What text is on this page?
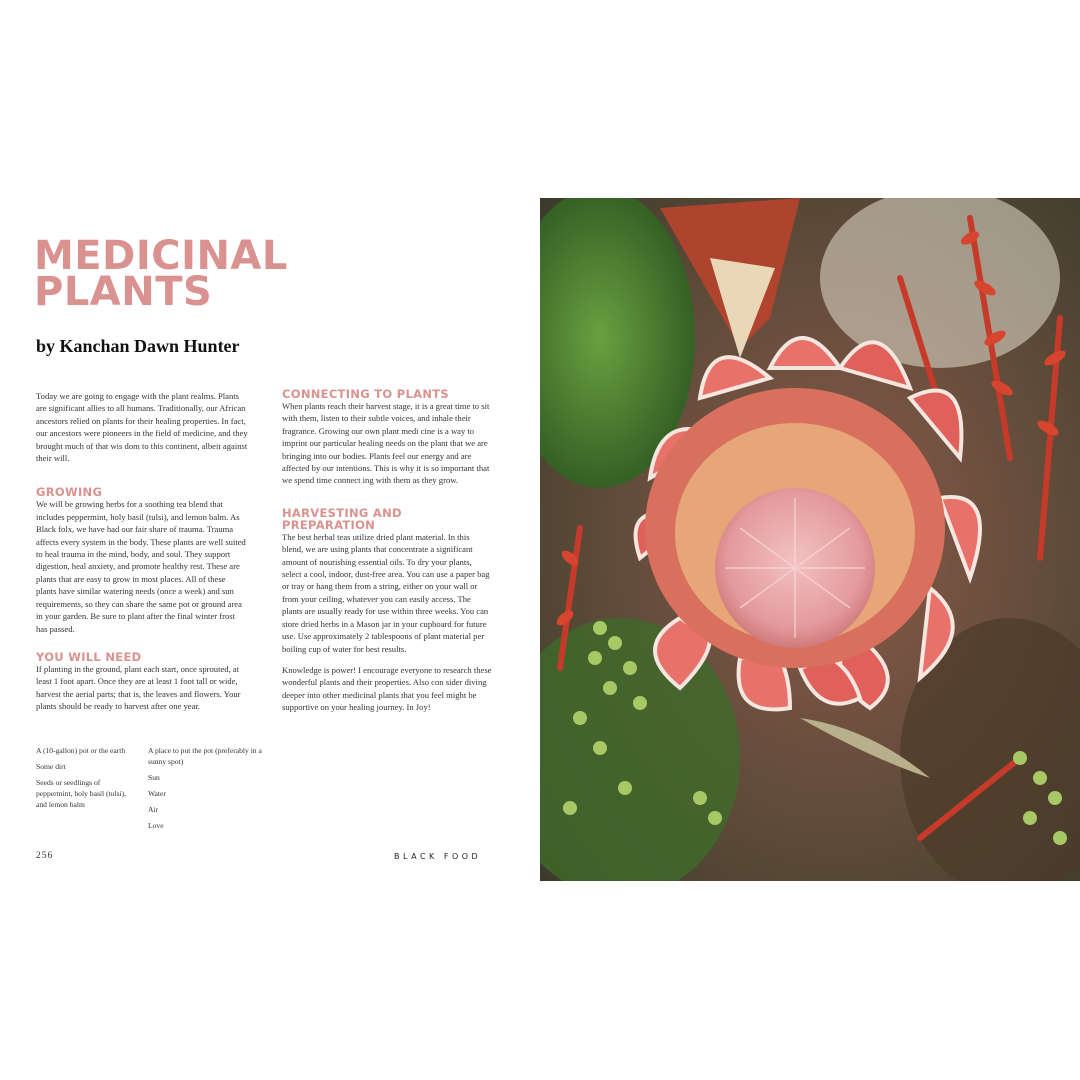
MEDICINAL
PLANTS
by Kanchan Dawn Hunter

Today we are going to engage with the plant realms. Plants are significant allies to all humans. Traditionally, our African ancestors relied on plants for their healing properties. In fact, our ancestors were pioneers in the field of medicine, and they brought much of that wis dom to this continent, albeit against their will.

GROWING

We will be growing herbs for a soothing tea blend that includes peppermint, holy basil (tulsi), and lemon balm. As Black folx, we have had our fair share of trauma. Trauma affects every system in the body. These plants are well suited to heal trauma in the mind, body, and soul. They support digestion, heal anxiety, and promote healthy rest. These are plants that are easy to grow in most places. All of these plants have similar watering needs (once a week) and sun requirements, so they can share the same pot or ground area in your garden. Be sure to plant after the final winter frost has passed.

YOU WILL NEED

If planting in the ground, plant each start, once sprouted, at least 1 foot apart. Once they are at least 1 foot tall or wide, harvest the aerial parts; that is, the leaves and flowers. Your plants should be ready to harvest after one year.

A (10-gallon) pot or the earth
Some dirt
Seeds or seedlings of peppermint, holy basil (tulsi), and lemon balm
A place to put the pot (preferably in a sunny spot)
Sun
Water
Air
Love
CONNECTING TO PLANTS

When plants reach their harvest stage, it is a great time to sit with them, listen to their subtle voices, and inhale their fragrance. Growing our own plant medi cine is a way to imprint our particular healing needs on the plant that we are bringing into our bodies. Plants feel our energy and are affected by our intentions. This is why it is so important that we spend time connect ing with them as they grow.

HARVESTING AND PREPARATION

The best herbal teas utilize dried plant material. In this blend, we are using plants that concentrate a significant amount of nourishing essential oils. To dry your plants, select a cool, indoor, dust-free area. You can use a paper bag or tray or hang them from a string, either on your wall or from your ceiling, whatever you can easily access. The plants are usually ready for use within three weeks. You can store dried herbs in a Mason jar in your cupboard for future use. Use approximately 2 tablespoons of plant material per boiling cup of water for best results.

Knowledge is power! I encourage everyone to research these wonderful plants and their properties. Also con sider diving deeper into other medicinal plants that you feel might be supportive on your healing journey. In Joy!

256	BLACK FOOD
